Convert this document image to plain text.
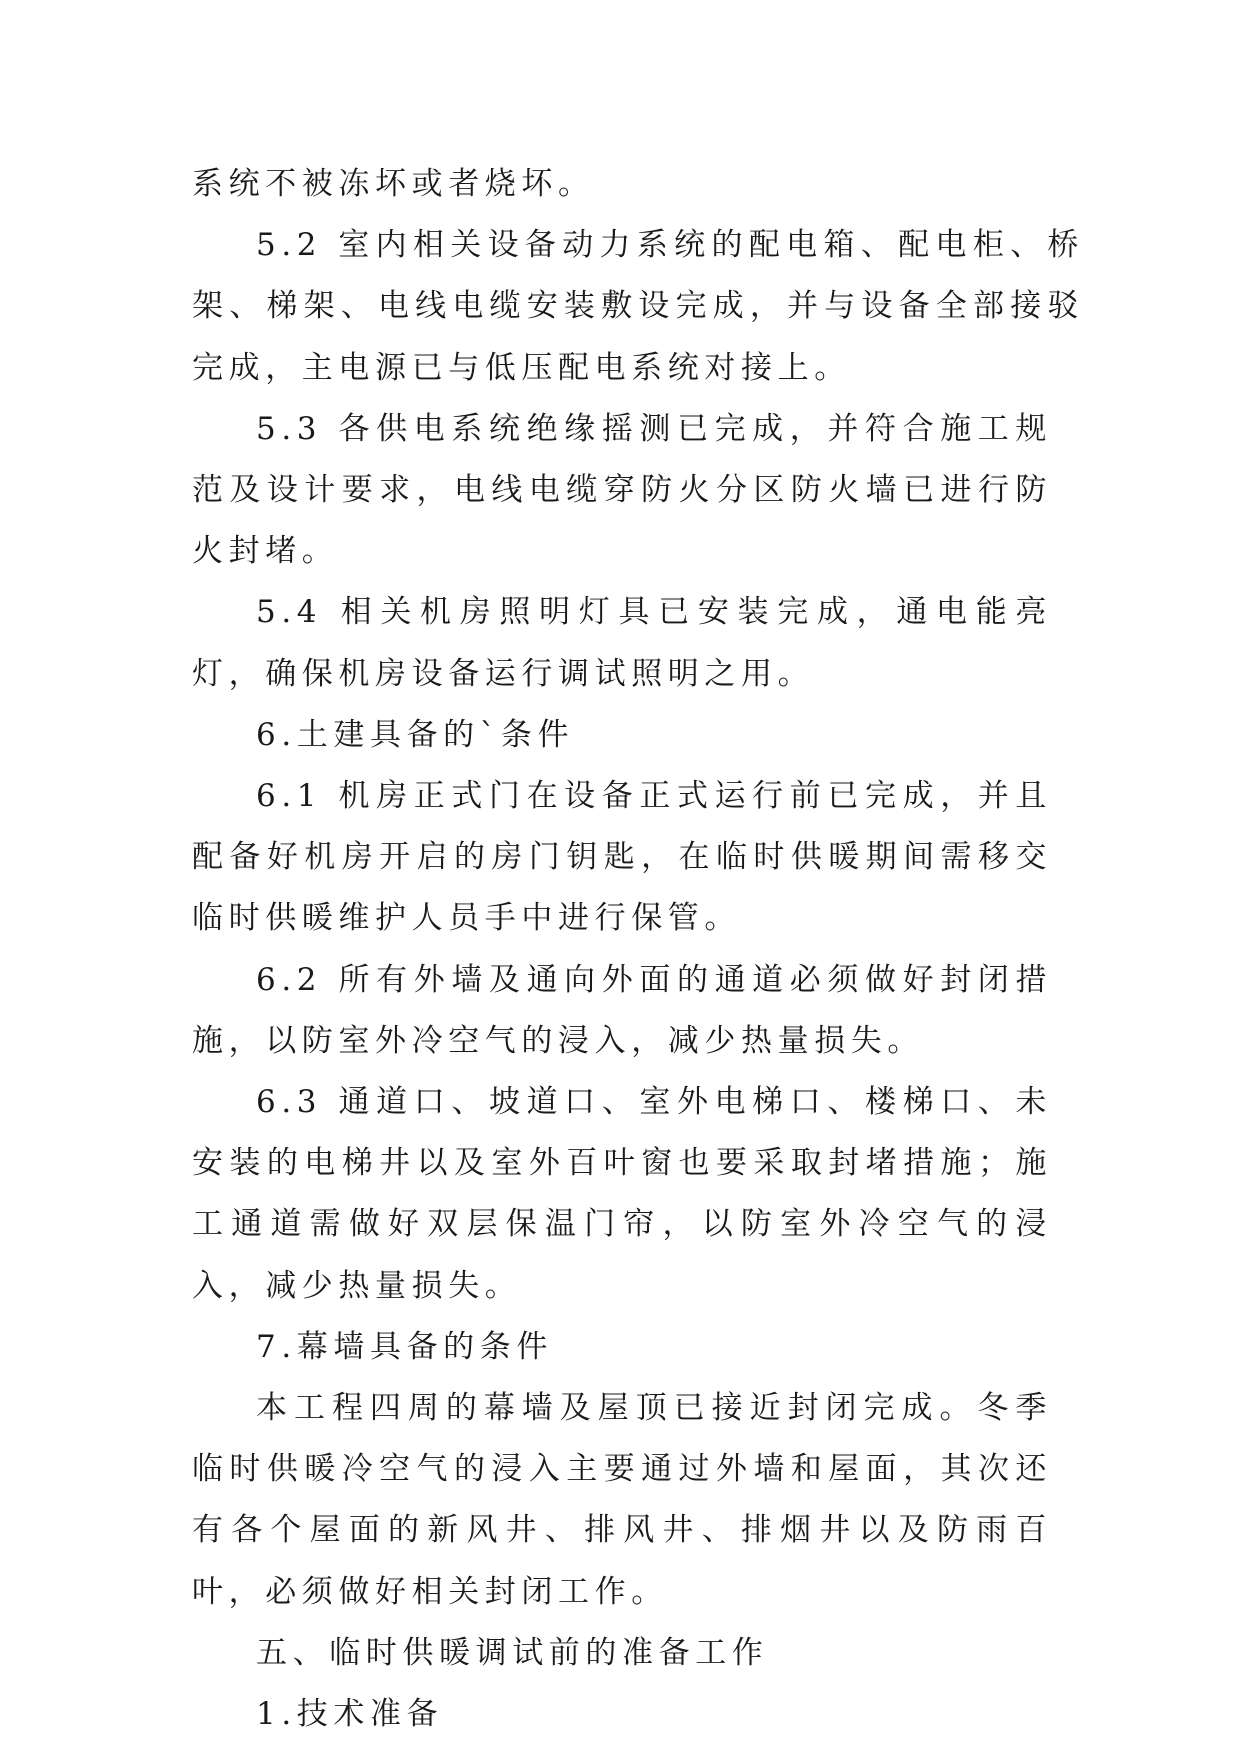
系统不被冻坏或者烧坏。

5.2 室内相关设备动力系统的配电箱、配电柜、桥架、梯架、电线电缆安装敷设完成，并与设备全部接驳完成，主电源已与低压配电系统对接上。

5.3 各供电系统绝缘摇测已完成，并符合施工规范及设计要求，电线电缆穿防火分区防火墙已进行防火封堵。

5.4 相关机房照明灯具已安装完成，通电能亮灯，确保机房设备运行调试照明之用。

6.土建具备的`条件

6.1 机房正式门在设备正式运行前已完成，并且配备好机房开启的房门钥匙，在临时供暖期间需移交临时供暖维护人员手中进行保管。

6.2 所有外墙及通向外面的通道必须做好封闭措施，以防室外冷空气的浸入，减少热量损失。

6.3 通道口、坡道口、室外电梯口、楼梯口、未安装的电梯井以及室外百叶窗也要采取封堵措施；施工通道需做好双层保温门帘，以防室外冷空气的浸入，减少热量损失。

7.幕墙具备的条件

本工程四周的幕墙及屋顶已接近封闭完成。冬季临时供暖冷空气的浸入主要通过外墙和屋面，其次还有各个屋面的新风井、排风井、排烟井以及防雨百叶，必须做好相关封闭工作。

五、临时供暖调试前的准备工作

1.技术准备
